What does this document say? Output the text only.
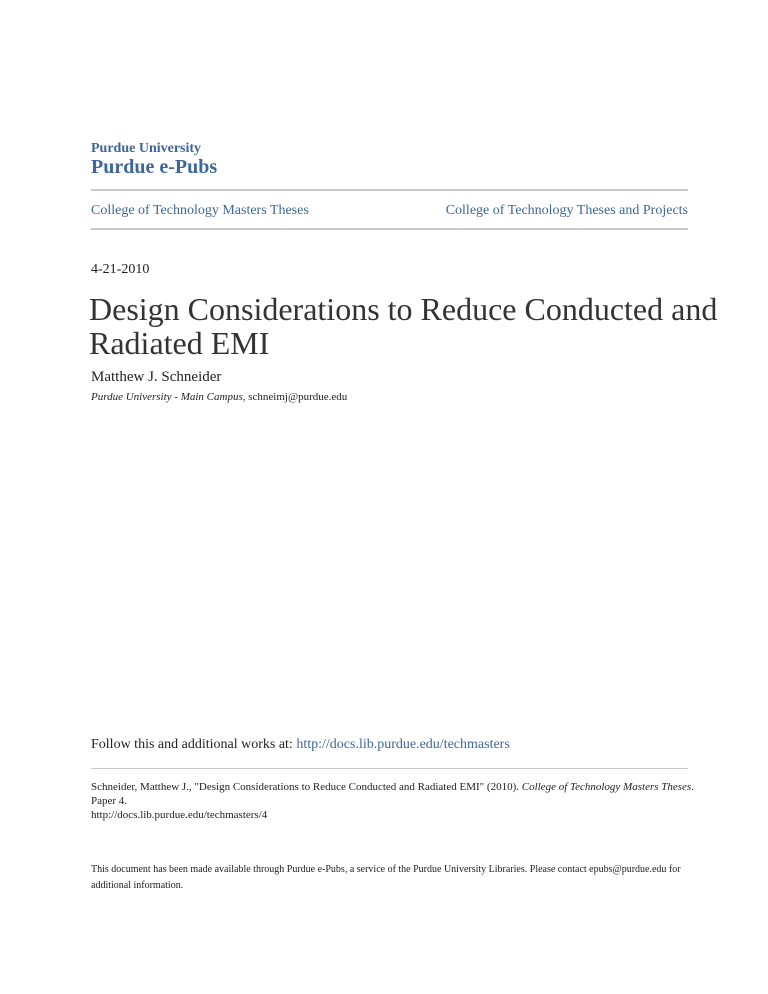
Purdue University
Purdue e-Pubs
College of Technology Masters Theses	College of Technology Theses and Projects
4-21-2010
Design Considerations to Reduce Conducted and
Radiated EMI
Matthew J. Schneider
Purdue University - Main Campus, schneimj@purdue.edu
Follow this and additional works at: http://docs.lib.purdue.edu/techmasters
Schneider, Matthew J., "Design Considerations to Reduce Conducted and Radiated EMI" (2010). College of Technology Masters Theses.
Paper 4.
http://docs.lib.purdue.edu/techmasters/4
This document has been made available through Purdue e-Pubs, a service of the Purdue University Libraries. Please contact epubs@purdue.edu for
additional information.
